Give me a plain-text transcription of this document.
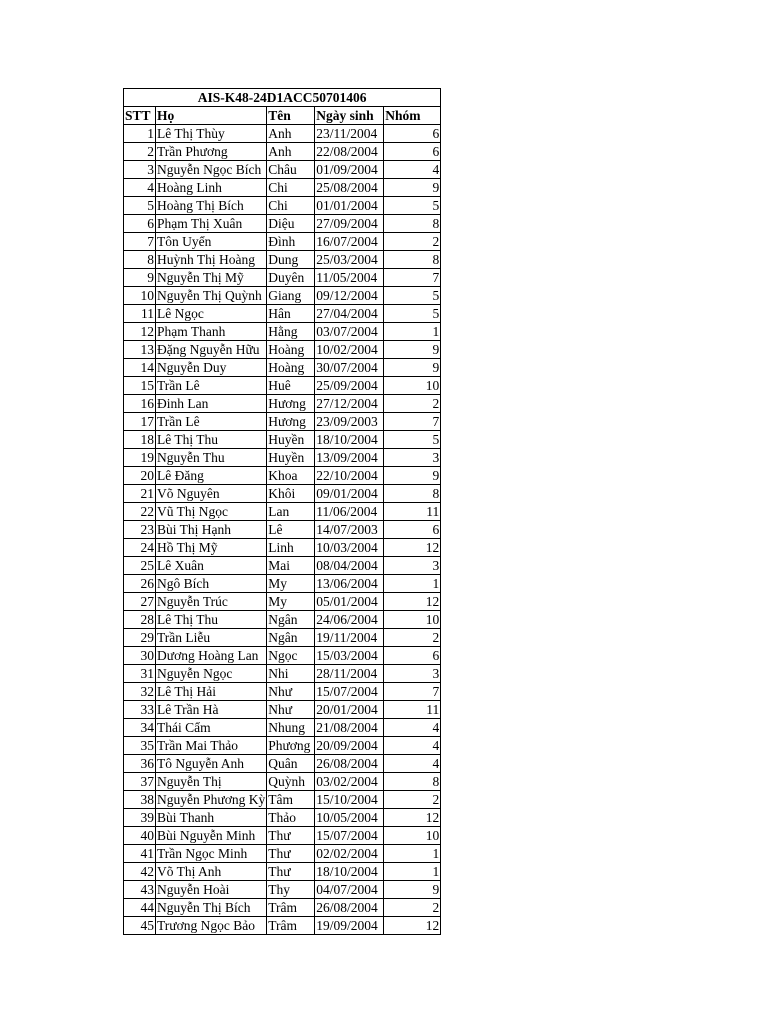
AIS-K48-24D1ACC50701406				
STT	Họ	Tên	Ngày sinh	Nhóm
1	Lê Thị Thùy	Anh	23/11/2004	6
2	Trần Phương	Anh	22/08/2004	6
3	Nguyễn Ngọc Bích	Châu	01/09/2004	4
4	Hoàng Linh	Chi	25/08/2004	9
5	Hoàng Thị Bích	Chi	01/01/2004	5
6	Phạm Thị Xuân	Diệu	27/09/2004	8
7	Tôn Uyển	Đình	16/07/2004	2
8	Huỳnh Thị Hoàng	Dung	25/03/2004	8
9	Nguyễn Thị Mỹ	Duyên	11/05/2004	7
10	Nguyễn Thị Quỳnh	Giang	09/12/2004	5
11	Lê Ngọc	Hân	27/04/2004	5
12	Phạm Thanh	Hằng	03/07/2004	1
13	Đặng Nguyễn Hữu	Hoàng	10/02/2004	9
14	Nguyễn Duy	Hoàng	30/07/2004	9
15	Trần Lê	Huê	25/09/2004	10
16	Đinh Lan	Hương	27/12/2004	2
17	Trần Lê	Hương	23/09/2003	7
18	Lê Thị Thu	Huyền	18/10/2004	5
19	Nguyễn Thu	Huyền	13/09/2004	3
20	Lê Đăng	Khoa	22/10/2004	9
21	Võ Nguyên	Khôi	09/01/2004	8
22	Vũ Thị Ngọc	Lan	11/06/2004	11
23	Bùi Thị Hạnh	Lê	14/07/2003	6
24	Hồ Thị Mỹ	Linh	10/03/2004	12
25	Lê Xuân	Mai	08/04/2004	3
26	Ngô Bích	My	13/06/2004	1
27	Nguyễn Trúc	My	05/01/2004	12
28	Lê Thị Thu	Ngân	24/06/2004	10
29	Trần Liễu	Ngân	19/11/2004	2
30	Dương Hoàng Lan	Ngọc	15/03/2004	6
31	Nguyễn Ngọc	Nhi	28/11/2004	3
32	Lê Thị Hải	Như	15/07/2004	7
33	Lê Trần Hà	Như	20/01/2004	11
34	Thái Cẩm	Nhung	21/08/2004	4
35	Trần Mai Thảo	Phương	20/09/2004	4
36	Tô Nguyễn Anh	Quân	26/08/2004	4
37	Nguyễn Thị	Quỳnh	03/02/2004	8
38	Nguyễn Phương Kỳ	Tâm	15/10/2004	2
39	Bùi Thanh	Thảo	10/05/2004	12
40	Bùi Nguyễn Minh	Thư	15/07/2004	10
41	Trần Ngọc Minh	Thư	02/02/2004	1
42	Võ Thị Anh	Thư	18/10/2004	1
43	Nguyễn Hoài	Thy	04/07/2004	9
44	Nguyễn Thị Bích	Trâm	26/08/2004	2
45	Trương Ngọc Bảo	Trâm	19/09/2004	12
